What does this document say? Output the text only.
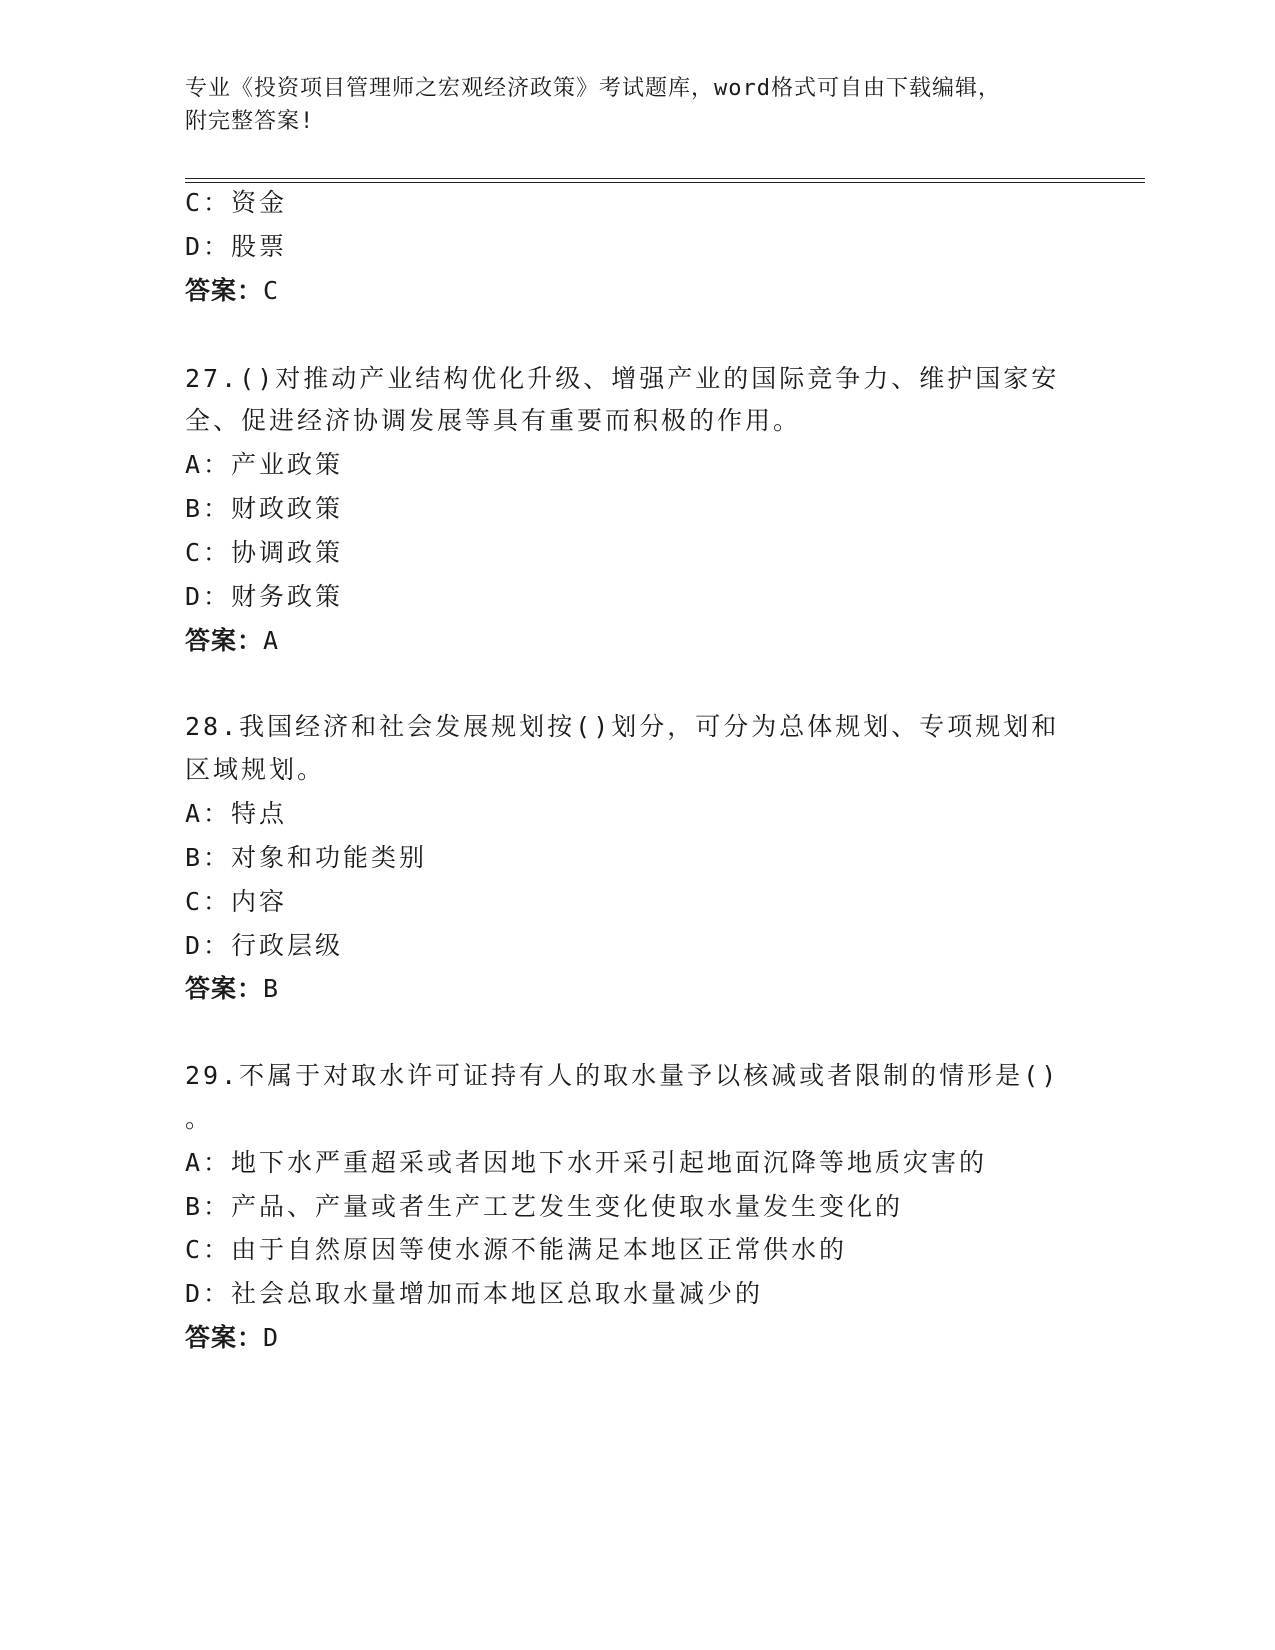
专业《投资项目管理师之宏观经济政策》考试题库，word格式可自由下载编辑，
附完整答案!
C：资金
D：股票
答案：C
27.()对推动产业结构优化升级、增强产业的国际竞争力、维护国家安
全、促进经济协调发展等具有重要而积极的作用。
A：产业政策
B：财政政策
C：协调政策
D：财务政策
答案：A
28.我国经济和社会发展规划按()划分，可分为总体规划、专项规划和
区域规划。
A：特点
B：对象和功能类别
C：内容
D：行政层级
答案：B
29.不属于对取水许可证持有人的取水量予以核减或者限制的情形是()
。
A：地下水严重超采或者因地下水开采引起地面沉降等地质灾害的
B：产品、产量或者生产工艺发生变化使取水量发生变化的
C：由于自然原因等使水源不能满足本地区正常供水的
D：社会总取水量增加而本地区总取水量减少的
答案：D
